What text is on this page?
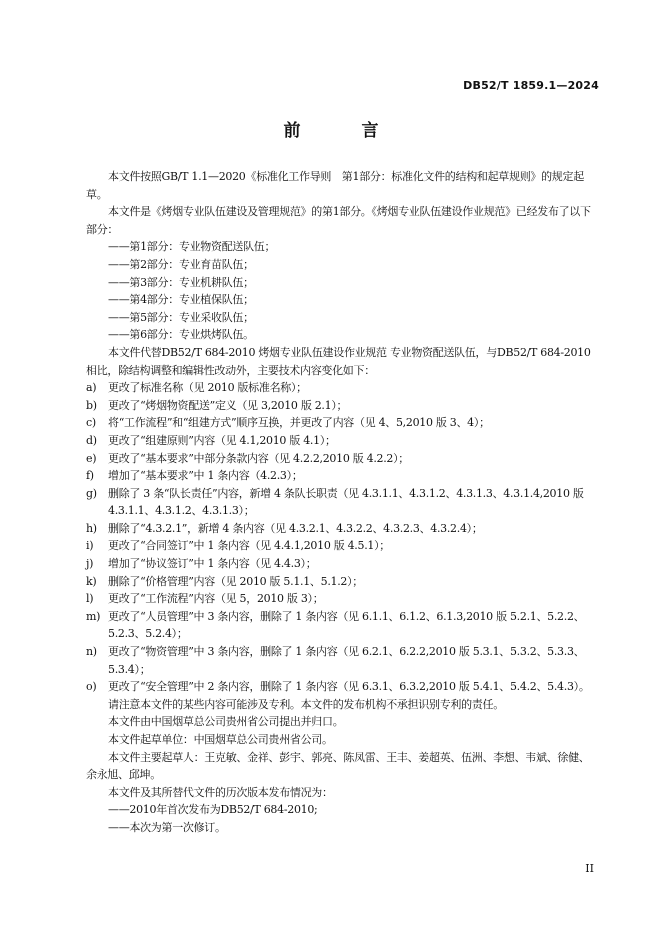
DB52/T 1859.1—2024
前　言
本文件按照GB/T 1.1—2020《标准化工作导则　第1部分：标准化文件的结构和起草规则》的规定起草。
本文件是《烤烟专业队伍建设及管理规范》的第1部分。《烤烟专业队伍建设作业规范》已经发布了以下部分：
——第1部分：专业物资配送队伍；
——第2部分：专业育苗队伍；
——第3部分：专业机耕队伍；
——第4部分：专业植保队伍；
——第5部分：专业采收队伍；
——第6部分：专业烘烤队伍。
本文件代替DB52/T 684-2010 烤烟专业队伍建设作业规范 专业物资配送队伍，与DB52/T 684-2010相比，除结构调整和编辑性改动外，主要技术内容变化如下：
a)	更改了标准名称（见 2010 版标准名称）；
b)	更改了“烤烟物资配送”定义（见 3,2010 版 2.1）；
c)	将“工作流程”和“组建方式”顺序互换，并更改了内容（见 4、5,2010 版 3、4）；
d)	更改了“组建原则”内容（见 4.1,2010 版 4.1）；
e)	更改了“基本要求”中部分条款内容（见 4.2.2,2010 版 4.2.2）；
f)	增加了“基本要求”中 1 条内容（4.2.3）；
g)	删除了 3 条“队长责任”内容，新增 4 条队长职责（见 4.3.1.1、4.3.1.2、4.3.1.3、4.3.1.4,2010 版 4.3.1.1、4.3.1.2、4.3.1.3）；
h)	删除了“4.3.2.1”，新增 4 条内容（见 4.3.2.1、4.3.2.2、4.3.2.3、4.3.2.4）；
i)	更改了“合同签订”中 1 条内容（见 4.4.1,2010 版 4.5.1）；
j)	增加了“协议签订”中 1 条内容（见 4.4.3）；
k)	删除了“价格管理”内容（见 2010 版 5.1.1、5.1.2）；
l)	更改了“工作流程”内容（见 5，2010 版 3）；
m) 更改了“人员管理”中 3 条内容，删除了 1 条内容（见 6.1.1、6.1.2、6.1.3,2010 版 5.2.1、5.2.2、5.2.3、5.2.4）；
n)	更改了“物资管理”中 3 条内容，删除了 1 条内容（见 6.2.1、6.2.2,2010 版 5.3.1、5.3.2、5.3.3、5.3.4）；
o)	更改了“安全管理”中 2 条内容，删除了 1 条内容（见 6.3.1、6.3.2,2010 版 5.4.1、5.4.2、5.4.3）。
请注意本文件的某些内容可能涉及专利。本文件的发布机构不承担识别专利的责任。
本文件由中国烟草总公司贵州省公司提出并归口。
本文件起草单位：中国烟草总公司贵州省公司。
本文件主要起草人：王克敏、金祥、彭宇、郭亮、陈凤雷、王丰、姜超英、伍洲、李想、韦斌、徐健、余永旭、邱坤。
本文件及其所替代文件的历次版本发布情况为：
——2010年首次发布为DB52/T 684-2010;
——本次为第一次修订。
II
